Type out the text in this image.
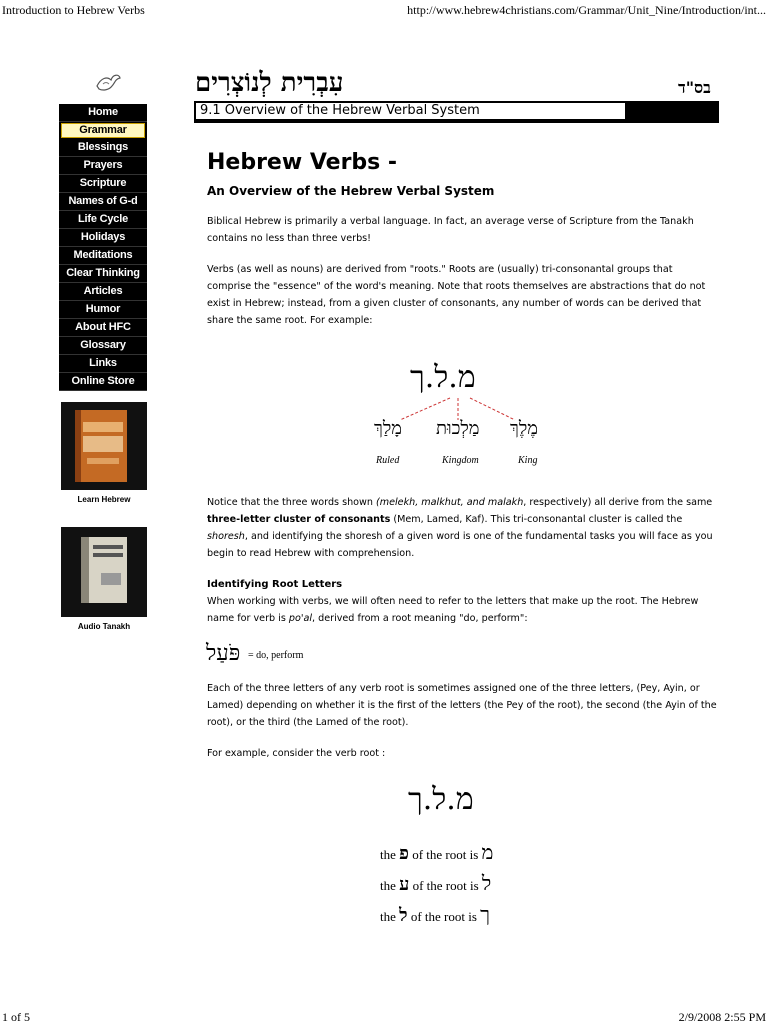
Introduction to Hebrew Verbs	http://www.hebrew4christians.com/Grammar/Unit_Nine/Introduction/int...
Home
Grammar
Blessings
Prayers
Scripture
Names of G-d
Life Cycle
Holidays
Meditations
Clear Thinking
Articles
Humor
About HFC
Glossary
Links
Online Store
Learn Hebrew
Audio Tanakh
עִבְרִית לְנוֹצְרִים	בס"ד
9.1 Overview of the Hebrew Verbal System
Hebrew Verbs -
An Overview of the Hebrew Verbal System

Biblical Hebrew is primarily a verbal language. In fact, an average verse of Scripture from the Tanakh contains no less than three verbs!

Verbs (as well as nouns) are derived from "roots." Roots are (usually) tri-consonantal groups that comprise the "essence" of the word's meaning. Note that roots themselves are abstractions that do not exist in Hebrew; instead, from a given cluster of consonants, any number of words can be derived that share the same root. For example:

מ.ל.ך
מָלַךְ מַלְכוּת מֶלֶךְ
Ruled	Kingdom	King

Notice that the three words shown (melekh, malkhut, and malakh, respectively) all derive from the same three-letter cluster of consonants (Mem, Lamed, Kaf). This tri-consonantal cluster is called the shoresh, and identifying the shoresh of a given word is one of the fundamental tasks you will face as you begin to read Hebrew with comprehension.

Identifying Root Letters

When working with verbs, we will often need to refer to the letters that make up the root. The Hebrew name for verb is po'al, derived from a root meaning "do, perform":

פֹּעַל = do, perform

Each of the three letters of any verb root is sometimes assigned one of the three letters, (Pey, Ayin, or Lamed) depending on whether it is the first of the letters (the Pey of the root), the second (the Ayin of the root), or the third (the Lamed of the root).

For example, consider the verb root :

מ.ל.ך
the פ of the root is מ
the ע of the root is ל
the ל of the root is ך
1 of 5	2/9/2008 2:55 PM
